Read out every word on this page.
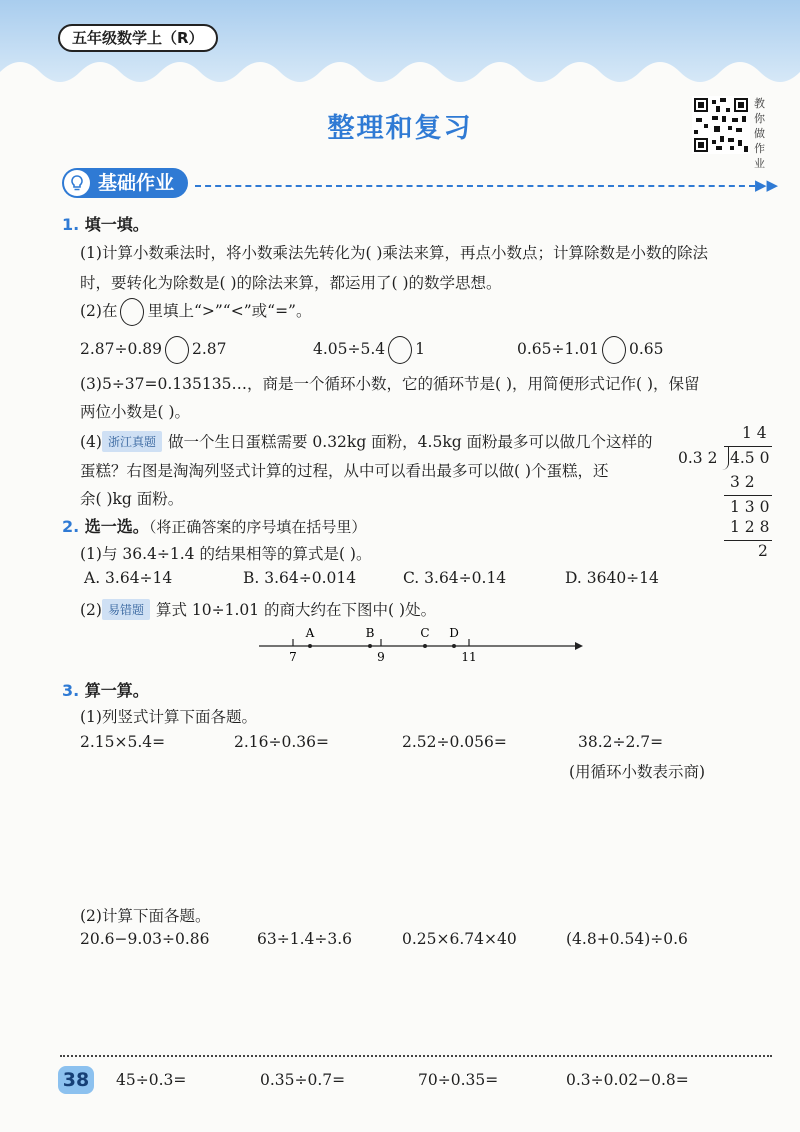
五年级数学上（R）
整理和复习
教你做作业
基础作业	▶▶
1. 填一填。
(1)计算小数乘法时，将小数乘法先转化为( )乘法来算，再点小数点；计算除数是小数的除法
时，要转化为除数是( )的除法来算，都运用了( )的数学思想。
(2)在 里填上“>”“<”或“=”。
2.87÷0.89 2.87	4.05÷5.4 1	0.65÷1.01 0.65
(3)5÷37=0.135135…，商是一个循环小数，它的循环节是( )，用简便形式记作( )，保留
两位小数是( )。
(4) 浙江真题 做一个生日蛋糕需要 0.32kg 面粉，4.5kg 面粉最多可以做几个这样的
蛋糕？右图是淘淘列竖式计算的过程，从中可以看出最多可以做( )个蛋糕，还
余( )kg 面粉。
1 4
0.3 2 4.5 0
3 2
1 3 0
1 2 8
2
2. 选一选。（将正确答案的序号填在括号里）
(1)与 36.4÷1.4 的结果相等的算式是( )。
A. 3.64÷14	B. 3.64÷0.014	C. 3.64÷0.14	D. 3640÷14
(2) 易错题 算式 10÷1.01 的商大约在下图中( )处。
A	B	C D
7	9	11
3. 算一算。
(1)列竖式计算下面各题。
2.15×5.4=	2.16÷0.36=	2.52÷0.056=	38.2÷2.7=
(用循环小数表示商)
(2)计算下面各题。
20.6−9.03÷0.86	63÷1.4÷3.6	0.25×6.74×40	(4.8+0.54)÷0.6
38	45÷0.3=	0.35÷0.7=	70÷0.35=	0.3÷0.02−0.8=
